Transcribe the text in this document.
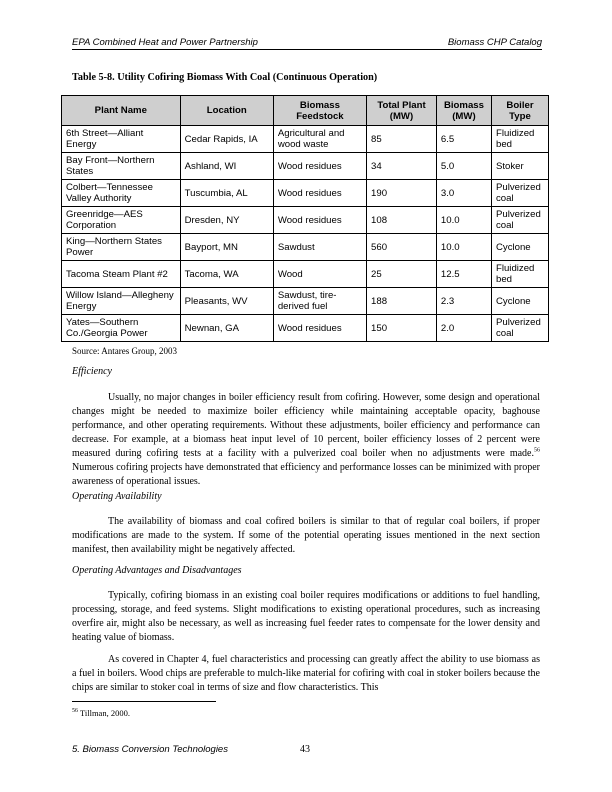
EPA Combined Heat and Power Partnership	Biomass CHP Catalog
Table 5-8. Utility Cofiring Biomass With Coal (Continuous Operation)
Plant Name	Location	Biomass Feedstock	Total Plant (MW)	Biomass (MW)	Boiler Type
6th Street—Alliant Energy	Cedar Rapids, IA	Agricultural and wood waste	85	6.5	Fluidized bed
Bay Front—Northern States	Ashland, WI	Wood residues	34	5.0	Stoker
Colbert—Tennessee Valley Authority	Tuscumbia, AL	Wood residues	190	3.0	Pulverized coal
Greenridge—AES Corporation	Dresden, NY	Wood residues	108	10.0	Pulverized coal
King—Northern States Power	Bayport, MN	Sawdust	560	10.0	Cyclone
Tacoma Steam Plant #2	Tacoma, WA	Wood	25	12.5	Fluidized bed
Willow Island—Allegheny Energy	Pleasants, WV	Sawdust, tire-derived fuel	188	2.3	Cyclone
Yates—Southern Co./Georgia Power	Newnan, GA	Wood residues	150	2.0	Pulverized coal
Source: Antares Group, 2003
Efficiency
Usually, no major changes in boiler efficiency result from cofiring. However, some design and operational changes might be needed to maximize boiler efficiency while maintaining acceptable opacity, baghouse performance, and other operating requirements. Without these adjustments, boiler efficiency and performance can decrease. For example, at a biomass heat input level of 10 percent, boiler efficiency losses of 2 percent were measured during cofiring tests at a facility with a pulverized coal boiler when no adjustments were made.$^{56}$ Numerous cofiring projects have demonstrated that efficiency and performance losses can be minimized with proper awareness of operational issues.
Operating Availability
The availability of biomass and coal cofired boilers is similar to that of regular coal boilers, if proper modifications are made to the system. If some of the potential operating issues mentioned in the next section manifest, then availability might be negatively affected.
Operating Advantages and Disadvantages
Typically, cofiring biomass in an existing coal boiler requires modifications or additions to fuel handling, processing, storage, and feed systems. Slight modifications to existing operational procedures, such as increasing overfire air, might also be necessary, as well as increasing fuel feeder rates to compensate for the lower density and heating value of biomass.
As covered in Chapter 4, fuel characteristics and processing can greatly affect the ability to use biomass as a fuel in boilers. Wood chips are preferable to mulch-like material for cofiring with coal in stoker boilers because the chips are similar to stoker coal in terms of size and flow characteristics. This
$^{56}$ Tillman, 2000.
5. Biomass Conversion Technologies	43
